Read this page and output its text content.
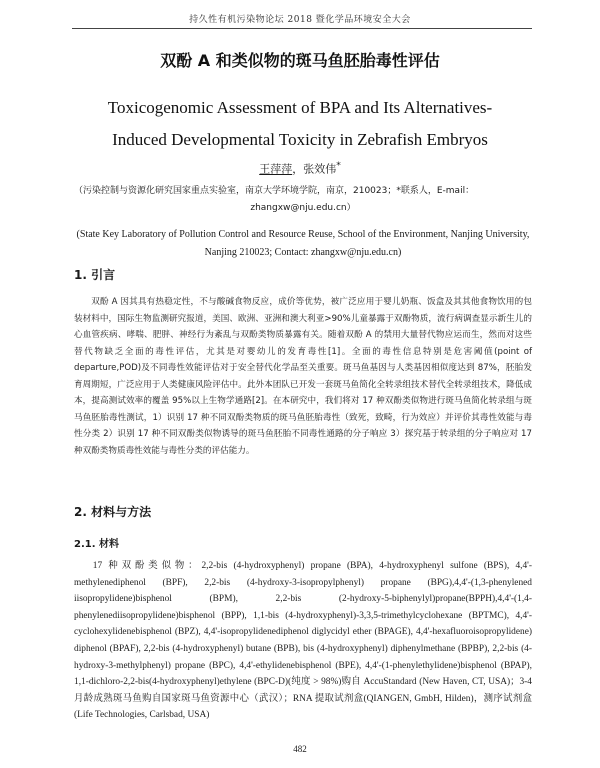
持久性有机污染物论坛 2018 暨化学品环境安全大会
双酚 A 和类似物的斑马鱼胚胎毒性评估
Toxicogenomic Assessment of BPA and Its Alternatives-
Induced Developmental Toxicity in Zebrafish Embryos
王萍萍，张效伟*
（污染控制与资源化研究国家重点实验室，南京大学环境学院，南京，210023；*联系人，E-mail：
zhangxw@nju.edu.cn）
(State Key Laboratory of Pollution Control and Resource Reuse, School of the Environment, Nanjing University, Nanjing 210023; Contact: zhangxw@nju.edu.cn)
1. 引言
双酚 A 因其具有热稳定性，不与酸碱食物反应，成价等优势，被广泛应用于婴儿奶瓶、饭盒及其其他食物饮用的包装材料中，国际生物监测研究报道，美国、欧洲、亚洲和澳大利亚>90%儿童暴露于双酚物质，流行病调查显示新生儿的心血管疾病、哮喘、肥胖、神经行为紊乱与双酚类物质暴露有关。随着双酚 A 的禁用大量替代物应运而生，然而对这些替代物缺乏全面的毒性评估，尤其是对婴幼儿的发育毒性[1]。全面的毒性信息特别是危害阈值(point of departure,POD)及不同毒性效能评估对于安全替代化学品至关重要。斑马鱼基因与人类基因相似度达到 87%，胚胎发育周期短，广泛应用于人类健康风险评估中。此外本团队已开发一套斑马鱼简化全转录组技术替代全转录组技术，降低成本，提高测试效率的覆盖 95%以上生物学通路[2]。在本研究中，我们将对 17 种双酚类似物进行斑马鱼简化转录组与斑马鱼胚胎毒性测试，1）识别 17 种不同双酚类物质的斑马鱼胚胎毒性（致死，致畸，行为效应）并评价其毒性效能与毒性分类 2）识别 17 种不同双酚类似物诱导的斑马鱼胚胎不同毒性通路的分子响应 3）探究基于转录组的分子响应对 17 种双酚类物质毒性效能与毒性分类的评估能力。
2. 材料与方法
2.1. 材料
17 种双酚类似物：2,2-bis (4-hydroxyphenyl) propane (BPA), 4-hydroxyphenyl sulfone (BPS), 4,4'-methylenediphenol (BPF), 2,2-bis (4-hydroxy-3-isopropylphenyl) propane (BPG),4,4'-(1,3-phenylened iisopropylidene)bisphenol (BPM), 2,2-bis (2-hydroxy-5-biphenylyl)propane(BPPH),4,4'-(1,4-phenylenediisopropylidene)bisphenol (BPP), 1,1-bis (4-hydroxyphenyl)-3,3,5-trimethylcyclohexane (BPTMC), 4,4'-cyclohexylidenebisphenol (BPZ), 4,4'-isopropylidenediphenol diglycidyl ether (BPAGE), 4,4'-hexafluoroisopropylidene) diphenol (BPAF), 2,2-bis (4-hydroxyphenyl) butane (BPB), bis (4-hydroxyphenyl) diphenylmethane (BPBP), 2,2-bis (4-hydroxy-3-methylphenyl) propane (BPC), 4,4'-ethylidenebisphenol (BPE), 4,4'-(1-phenylethylidene)bisphenol (BPAP), 1,1-dichloro-2,2-bis(4-hydroxyphenyl)ethylene (BPC-D)(纯度 > 98%)购自 AccuStandard (New Haven, CT, USA)；3-4 月龄成熟斑马鱼购自国家斑马鱼资源中心（武汉）；RNA 提取试剂盒(QIANGEN, GmbH, Hilden)，测序试剂盒(Life Technologies, Carlsbad, USA)
482
